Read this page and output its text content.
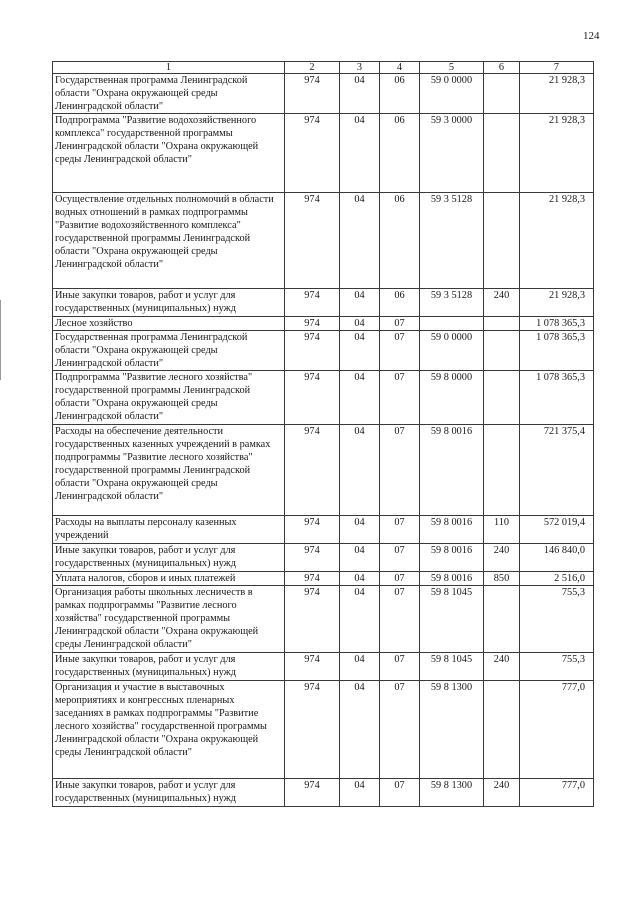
124
1	2	3	4	5	6	7
Государственная программа Ленинградской области "Охрана окружающей среды Ленинградской области"	974	04	06	59 0 0000		21 928,3
Подпрограмма "Развитие водохозяйственного комплекса" государственной программы Ленинградской области "Охрана окружающей среды Ленинградской области"	974	04	06	59 3 0000		21 928,3
Осуществление отдельных полномочий в области водных отношений в рамках подпрограммы "Развитие водохозяйственного комплекса" государственной программы Ленинградской области "Охрана окружающей среды Ленинградской области"	974	04	06	59 3 5128		21 928,3
Иные закупки товаров, работ и услуг для государственных (муниципальных) нужд	974	04	06	59 3 5128	240	21 928,3
Лесное хозяйство	974	04	07			1 078 365,3
Государственная программа Ленинградской области "Охрана окружающей среды Ленинградской области"	974	04	07	59 0 0000		1 078 365,3
Подпрограмма "Развитие лесного хозяйства" государственной программы Ленинградской области "Охрана окружающей среды Ленинградской области"	974	04	07	59 8 0000		1 078 365,3
Расходы на обеспечение деятельности государственных казенных учреждений в рамках подпрограммы "Развитие лесного хозяйства" государственной программы Ленинградской области "Охрана окружающей среды Ленинградской области"	974	04	07	59 8 0016		721 375,4
Расходы на выплаты персоналу казенных учреждений	974	04	07	59 8 0016	110	572 019,4
Иные закупки товаров, работ и услуг для государственных (муниципальных) нужд	974	04	07	59 8 0016	240	146 840,0
Уплата налогов, сборов и иных платежей	974	04	07	59 8 0016	850	2 516,0
Организация работы школьных лесничеств в рамках подпрограммы "Развитие лесного хозяйства" государственной программы Ленинградской области "Охрана окружающей среды Ленинградской области"	974	04	07	59 8 1045		755,3
Иные закупки товаров, работ и услуг для государственных (муниципальных) нужд	974	04	07	59 8 1045	240	755,3
Организация и участие в выставочных мероприятиях и конгрессных пленарных заседаниях в рамках подпрограммы "Развитие лесного хозяйства" государственной программы Ленинградской области "Охрана окружающей среды Ленинградской области"	974	04	07	59 8 1300		777,0
Иные закупки товаров, работ и услуг для государственных (муниципальных) нужд	974	04	07	59 8 1300	240	777,0
